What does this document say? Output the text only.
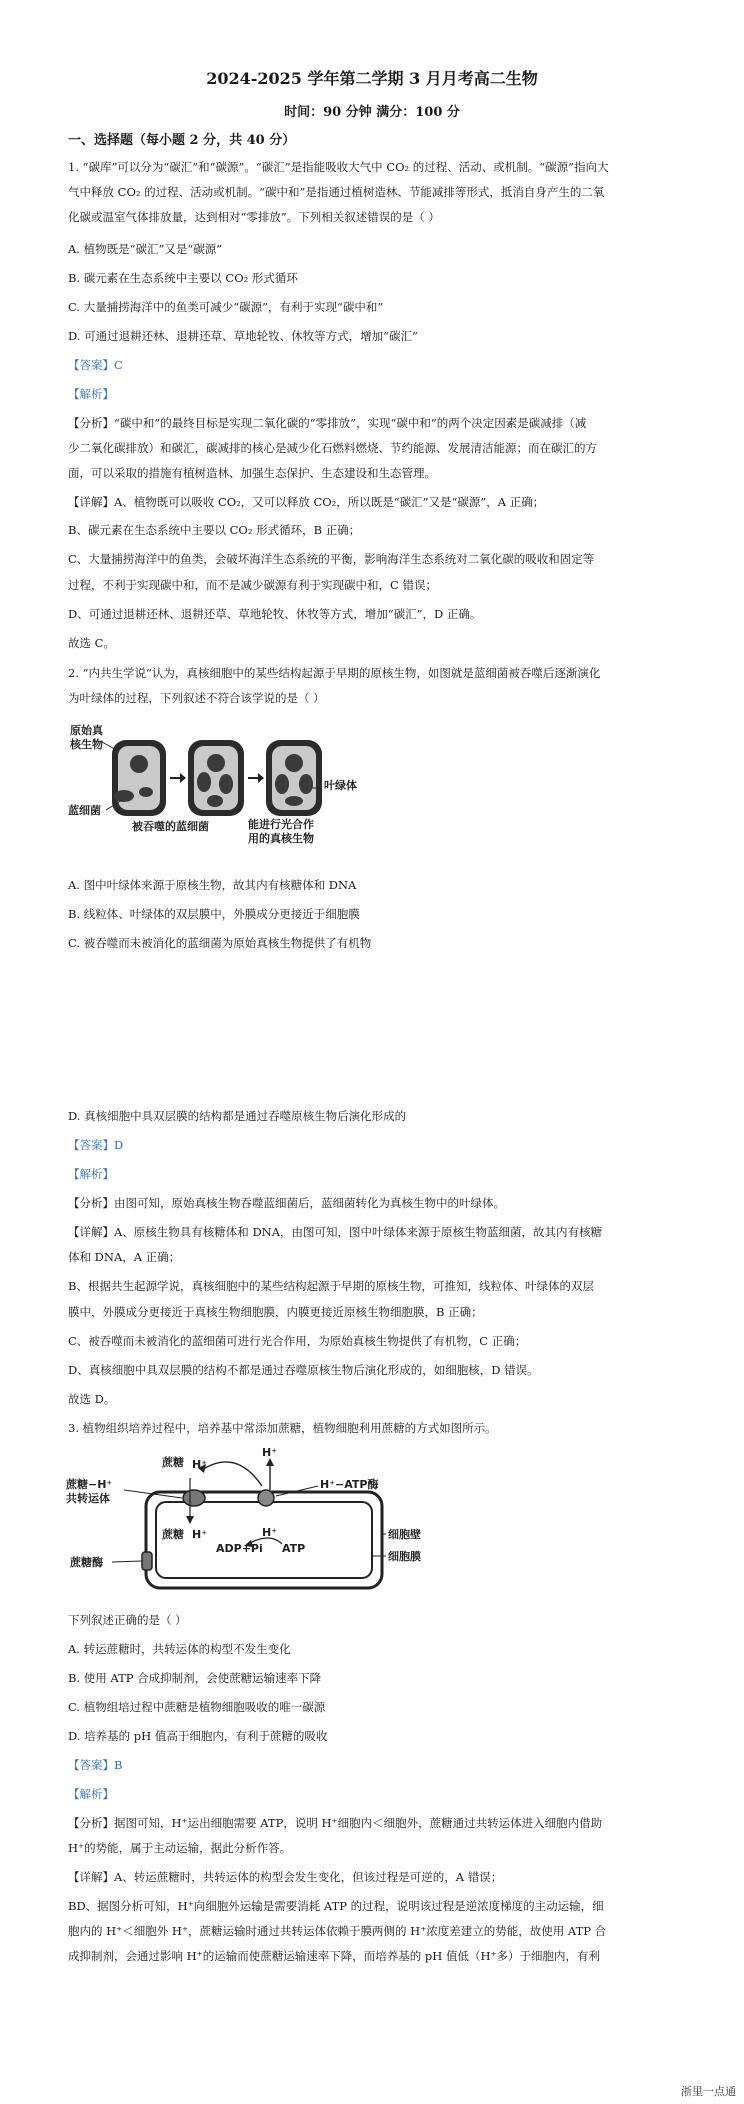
2024-2025 学年第二学期 3 月月考高二生物
时间：90 分钟 满分：100 分
一、选择题（每小题 2 分，共 40 分）
1. “碳库”可以分为“碳汇”和“碳源”。“碳汇”是指能吸收大气中 CO₂ 的过程、活动、或机制。“碳源”指向大
气中释放 CO₂ 的过程、活动或机制。“碳中和”是指通过植树造林、节能减排等形式，抵消自身产生的二氧
化碳或温室气体排放量，达到相对“零排放”。下列相关叙述错误的是（ ）
A. 植物既是“碳汇”又是“碳源”
B. 碳元素在生态系统中主要以 CO₂ 形式循环
C. 大量捕捞海洋中的鱼类可减少“碳源”，有利于实现“碳中和”
D. 可通过退耕还林、退耕还草、草地轮牧、休牧等方式，增加“碳汇”
【答案】C
【解析】
【分析】“碳中和”的最终目标是实现二氧化碳的“零排放”，实现“碳中和”的两个决定因素是碳减排（减
少二氧化碳排放）和碳汇，碳减排的核心是减少化石燃料燃烧、节约能源、发展清洁能源；而在碳汇的方
面，可以采取的措施有植树造林、加强生态保护、生态建设和生态管理。
【详解】A、植物既可以吸收 CO₂，又可以释放 CO₂，所以既是“碳汇”又是“碳源”，A 正确；
B、碳元素在生态系统中主要以 CO₂ 形式循环，B 正确；
C、大量捕捞海洋中的鱼类，会破坏海洋生态系统的平衡，影响海洋生态系统对二氧化碳的吸收和固定等
过程，不利于实现碳中和，而不是减少碳源有利于实现碳中和，C 错误；
D、可通过退耕还林、退耕还草、草地轮牧、休牧等方式，增加“碳汇”，D 正确。
故选 C。
2. “内共生学说”认为，真核细胞中的某些结构起源于早期的原核生物，如图就是蓝细菌被吞噬后逐渐演化
为叶绿体的过程，下列叙述不符合该学说的是（ ）
原始真
核生物
蓝细菌
被吞噬的蓝细菌	能进行光合作
用的真核生物
叶绿体
A. 图中叶绿体来源于原核生物，故其内有核糖体和 DNA
B. 线粒体、叶绿体的双层膜中，外膜成分更接近于细胞膜
C. 被吞噬而未被消化的蓝细菌为原始真核生物提供了有机物
D. 真核细胞中具双层膜的结构都是通过吞噬原核生物后演化形成的
【答案】D
【解析】
【分析】由图可知，原始真核生物吞噬蓝细菌后，蓝细菌转化为真核生物中的叶绿体。
【详解】A、原核生物具有核糖体和 DNA，由图可知，图中叶绿体来源于原核生物蓝细菌，故其内有核糖
体和 DNA，A 正确；
B、根据共生起源学说，真核细胞中的某些结构起源于早期的原核生物，可推知，线粒体、叶绿体的双层
膜中，外膜成分更接近于真核生物细胞膜，内膜更接近原核生物细胞膜，B 正确；
C、被吞噬而未被消化的蓝细菌可进行光合作用，为原始真核生物提供了有机物，C 正确；
D、真核细胞中具双层膜的结构不都是通过吞噬原核生物后演化形成的，如细胞核，D 错误。
故选 D。
3. 植物组织培养过程中，培养基中常添加蔗糖，植物细胞利用蔗糖的方式如图所示。
蔗糖 H⁺
H⁺
蔗糖−H⁺
共转运体
H⁺−ATP酶
蔗糖 H⁺
ADP+Pi
H⁺
ATP
细胞壁
细胞膜
蔗糖酶
下列叙述正确的是（ ）
A. 转运蔗糖时，共转运体的构型不发生变化
B. 使用 ATP 合成抑制剂，会使蔗糖运输速率下降
C. 植物组培过程中蔗糖是植物细胞吸收的唯一碳源
D. 培养基的 pH 值高于细胞内，有利于蔗糖的吸收
【答案】B
【解析】
【分析】据图可知，H⁺运出细胞需要 ATP，说明 H⁺细胞内＜细胞外，蔗糖通过共转运体进入细胞内借助
H⁺的势能，属于主动运输，据此分析作答。
【详解】A、转运蔗糖时，共转运体的构型会发生变化，但该过程是可逆的，A 错误；
BD、据图分析可知，H⁺向细胞外运输是需要消耗 ATP 的过程，说明该过程是逆浓度梯度的主动运输，细
胞内的 H⁺＜细胞外 H⁺，蔗糖运输时通过共转运体依赖于膜两侧的 H⁺浓度差建立的势能，故使用 ATP 合
成抑制剂，会通过影响 H⁺的运输而使蔗糖运输速率下降，而培养基的 pH 值低（H⁺多）于细胞内，有利
浙里一点通
